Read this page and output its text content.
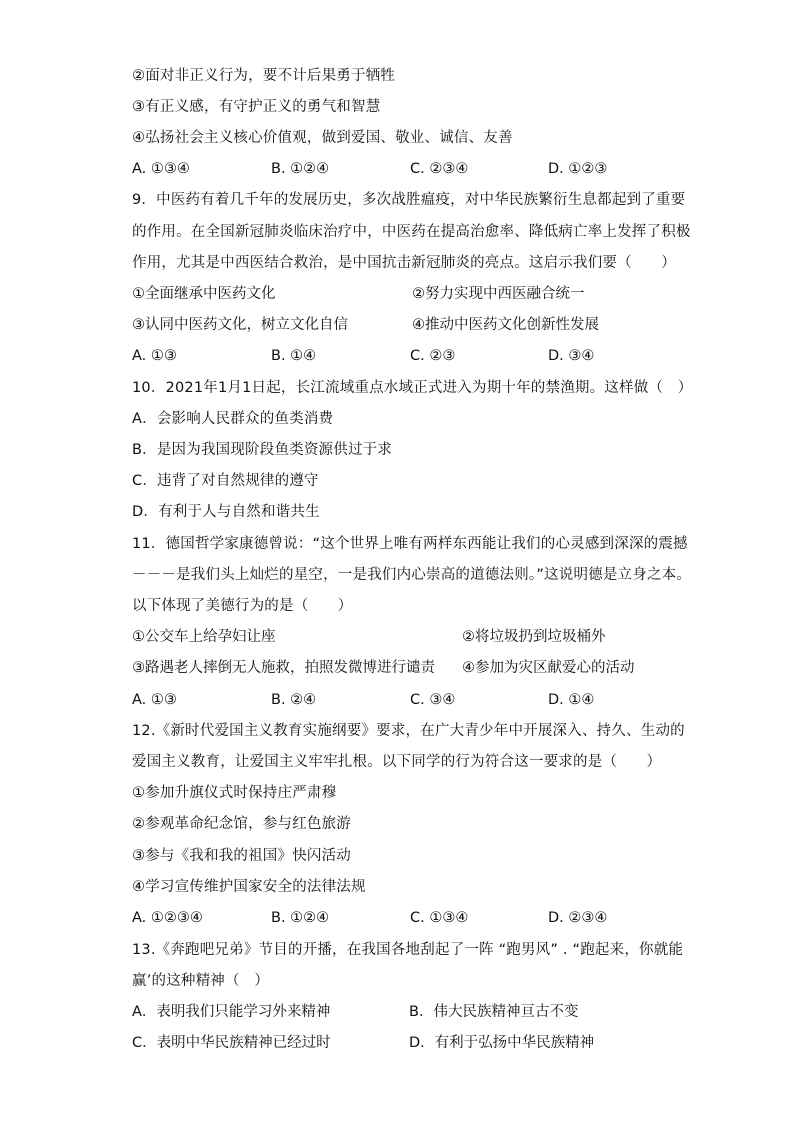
②面对非正义行为，要不计后果勇于牺牲
③有正义感，有守护正义的勇气和智慧
④弘扬社会主义核心价值观，做到爱国、敬业、诚信、友善
A. ①③④	B. ①②④	C. ②③④	D. ①②③
9．中医药有着几千年的发展历史，多次战胜瘟疫，对中华民族繁衍生息都起到了重要
的作用。在全国新冠肺炎临床治疗中，中医药在提高治愈率、降低病亡率上发挥了积极
作用，尤其是中西医结合救治，是中国抗击新冠肺炎的亮点。这启示我们要（　　）
①全面继承中医药文化	②努力实现中西医融合统一
③认同中医药文化，树立文化自信	④推动中医药文化创新性发展
A. ①③	B. ①④	C. ②③	D. ③④
10．2021年1月1日起，长江流域重点水域正式进入为期十年的禁渔期。这样做（　）
A．会影响人民群众的鱼类消费
B．是因为我国现阶段鱼类资源供过于求
C．违背了对自然规律的遵守
D．有利于人与自然和谐共生
11．德国哲学家康德曾说：“这个世界上唯有两样东西能让我们的心灵感到深深的震撼
－－－是我们头上灿烂的星空，一是我们内心崇高的道德法则。”这说明德是立身之本。
以下体现了美德行为的是（　　）
①公交车上给孕妇让座	②将垃圾扔到垃圾桶外
③路遇老人摔倒无人施救，拍照发微博进行谴责 ④参加为灾区献爱心的活动
A. ①③	B. ②④	C. ③④	D. ①④
12.《新时代爱国主义教育实施纲要》要求，在广大青少年中开展深入、持久、生动的
爱国主义教育，让爱国主义牢牢扎根。以下同学的行为符合这一要求的是（　　）
①参加升旗仪式时保持庄严肃穆
②参观革命纪念馆，参与红色旅游
③参与《我和我的祖国》快闪活动
④学习宣传维护国家安全的法律法规
A. ①②③④	B. ①②④	C. ①③④	D. ②③④
13.《奔跑吧兄弟》节目的开播，在我国各地刮起了一阵 “跑男风” . “跑起来，你就能
赢’的这种精神（　）
A．表明我们只能学习外来精神	B．伟大民族精神亘古不变
C．表明中华民族精神已经过时	D．有利于弘扬中华民族精神
